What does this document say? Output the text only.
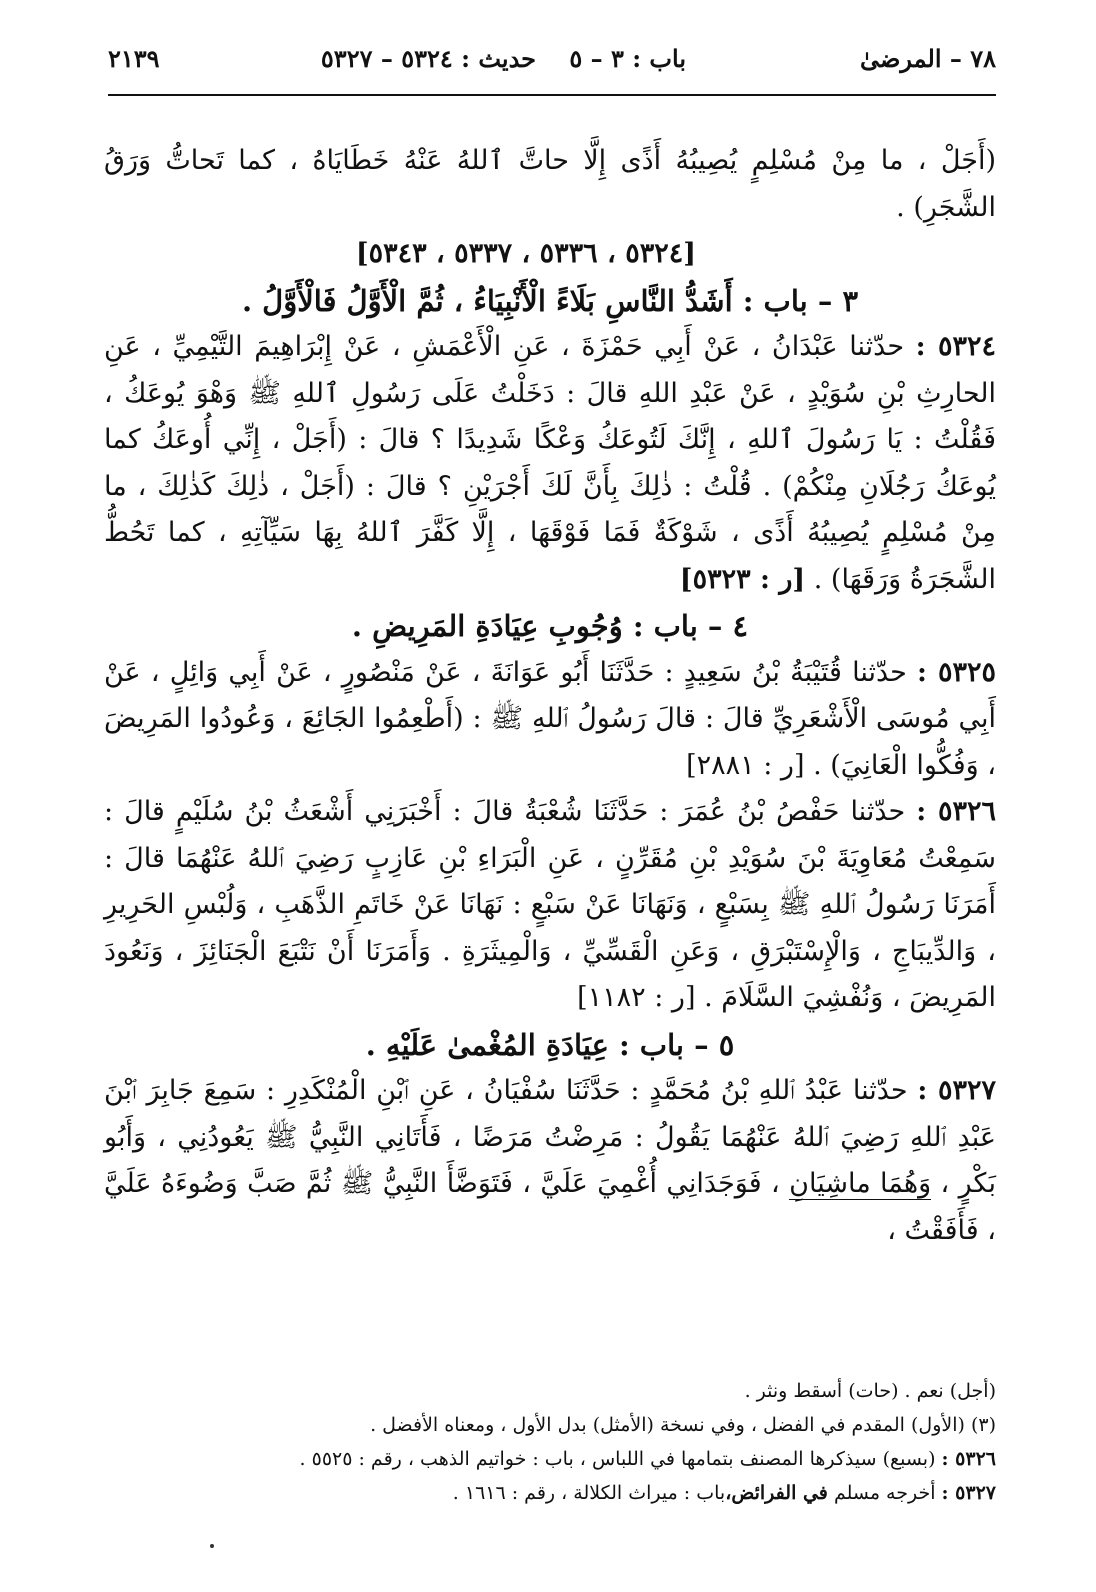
٧٨ – المرضىٰ
باب : ٣ – ٥
حديث : ٥٣٢٤ – ٥٣٢٧
٢١٣٩

(أَجَلْ ، ما مِنْ مُسْلِمٍ يُصِيبُهُ أَذًى إِلَّا حاتَّ ٱللهُ عَنْهُ خَطَايَاهُ ، كما تَحاتُّ وَرَقُ الشَّجَرِ) .

[٥٣٢٤ ، ٥٣٣٦ ، ٥٣٣٧ ، ٥٣٤٣]

٣ – باب : أَشَدُّ النَّاسِ بَلَاءً الْأَنْبِيَاءُ ، ثُمَّ الْأَوَّلُ فَالْأَوَّلُ .

٥٣٢٤ : حدّثنا عَبْدَانُ ، عَنْ أَبِي حَمْزَةَ ، عَنِ الْأَعْمَشِ ، عَنْ إِبْرَاهِيمَ التَّيْمِيِّ ، عَنِ الحارِثِ بْنِ سُوَيْدٍ ، عَنْ عَبْدِ اللهِ قالَ : دَخَلْتُ عَلَى رَسُولِ ٱللهِ ﷺ وَهْوَ يُوعَكُ ، فَقُلْتُ : يَا رَسُولَ ٱللهِ ، إِنَّكَ لَتُوعَكُ وَعْكًا شَدِيدًا ؟ قالَ : (أَجَلْ ، إِنِّي أُوعَكُ كما يُوعَكُ رَجُلَانِ مِنْكُمْ) . قُلْتُ : ذٰلِكَ بِأَنَّ لَكَ أَجْرَيْنِ ؟ قالَ : (أَجَلْ ، ذٰلِكَ كَذٰلِكَ ، ما مِنْ مُسْلِمٍ يُصِيبُهُ أَذًى ، شَوْكَةٌ فَمَا فَوْقَهَا ، إِلَّا كَفَّرَ ٱللهُ بِهَا سَيِّآتِهِ ، كما تَحُطُّ الشَّجَرَةُ وَرَقَهَا) . [ر : ٥٣٢٣]

٤ – باب : وُجُوبِ عِيَادَةِ المَرِيضِ .

٥٣٢٥ : حدّثنا قُتَيْبَةُ بْنُ سَعِيدٍ : حَدَّثَنَا أَبُو عَوَانَةَ ، عَنْ مَنْصُورٍ ، عَنْ أَبِي وَائِلٍ ، عَنْ أَبِي مُوسَى الْأَشْعَرِيِّ قالَ : قالَ رَسُولُ ٱللهِ ﷺ : (أَطْعِمُوا الجَائِعَ ، وَعُودُوا المَرِيضَ ، وَفُكُّوا الْعَانِيَ) . [ر : ٢٨٨١]

٥٣٢٦ : حدّثنا حَفْصُ بْنُ عُمَرَ : حَدَّثَنَا شُعْبَةُ قالَ : أَخْبَرَنِي أَشْعَثُ بْنُ سُلَيْمٍ قالَ : سَمِعْتُ مُعَاوِيَةَ بْنَ سُوَيْدِ بْنِ مُقَرِّنٍ ، عَنِ الْبَرَاءِ بْنِ عَازِبٍ رَضِيَ ٱللهُ عَنْهُمَا قالَ : أَمَرَنَا رَسُولُ ٱللهِ ﷺ بِسَبْعٍ ، وَنَهَانَا عَنْ سَبْعٍ : نَهَانَا عَنْ خَاتَمِ الذَّهَبِ ، وَلُبْسِ الحَرِيرِ ، وَالدِّيبَاجِ ، وَالْإِسْتَبْرَقِ ، وَعَنِ الْقَسِّيِّ ، وَالْمِيثَرَةِ . وَأَمَرَنَا أَنْ نَتْبَعَ الْجَنَائِزَ ، وَنَعُودَ المَرِيضَ ، وَنُفْشِيَ السَّلَامَ . [ر : ١١٨٢]

٥ – باب : عِيَادَةِ المُغْمىٰ عَلَيْهِ .

٥٣٢٧ : حدّثنا عَبْدُ ٱللهِ بْنُ مُحَمَّدٍ : حَدَّثَنَا سُفْيَانُ ، عَنِ ٱبْنِ الْمُنْكَدِرِ : سَمِعَ جَابِرَ ٱبْنَ عَبْدِ ٱللهِ رَضِيَ ٱللهُ عَنْهُمَا يَقُولُ : مَرِضْتُ مَرَضًا ، فَأَتَانِي النَّبِيُّ ﷺ يَعُودُنِي ، وَأَبُو بَكْرٍ ، وَهُمَا ماشِيَانِ ، فَوَجَدَانِي أُغْمِيَ عَلَيَّ ، فَتَوَضَّأَ النَّبِيُّ ﷺ ثُمَّ صَبَّ وَضُوءَهُ عَلَيَّ ، فَأَفَقْتُ ،

(أجل) نعم . (حات) أسقط ونثر .

(٣) (الأول) المقدم في الفضل ، وفي نسخة (الأمثل) بدل الأول ، ومعناه الأفضل .

٥٣٢٦ : (بسبع) سيذكرها المصنف بتمامها في اللباس ، باب : خواتيم الذهب ، رقم : ٥٥٢٥ .

٥٣٢٧ : أخرجه مسلم في الفرائض،باب : ميراث الكلالة ، رقم : ١٦١٦ .
